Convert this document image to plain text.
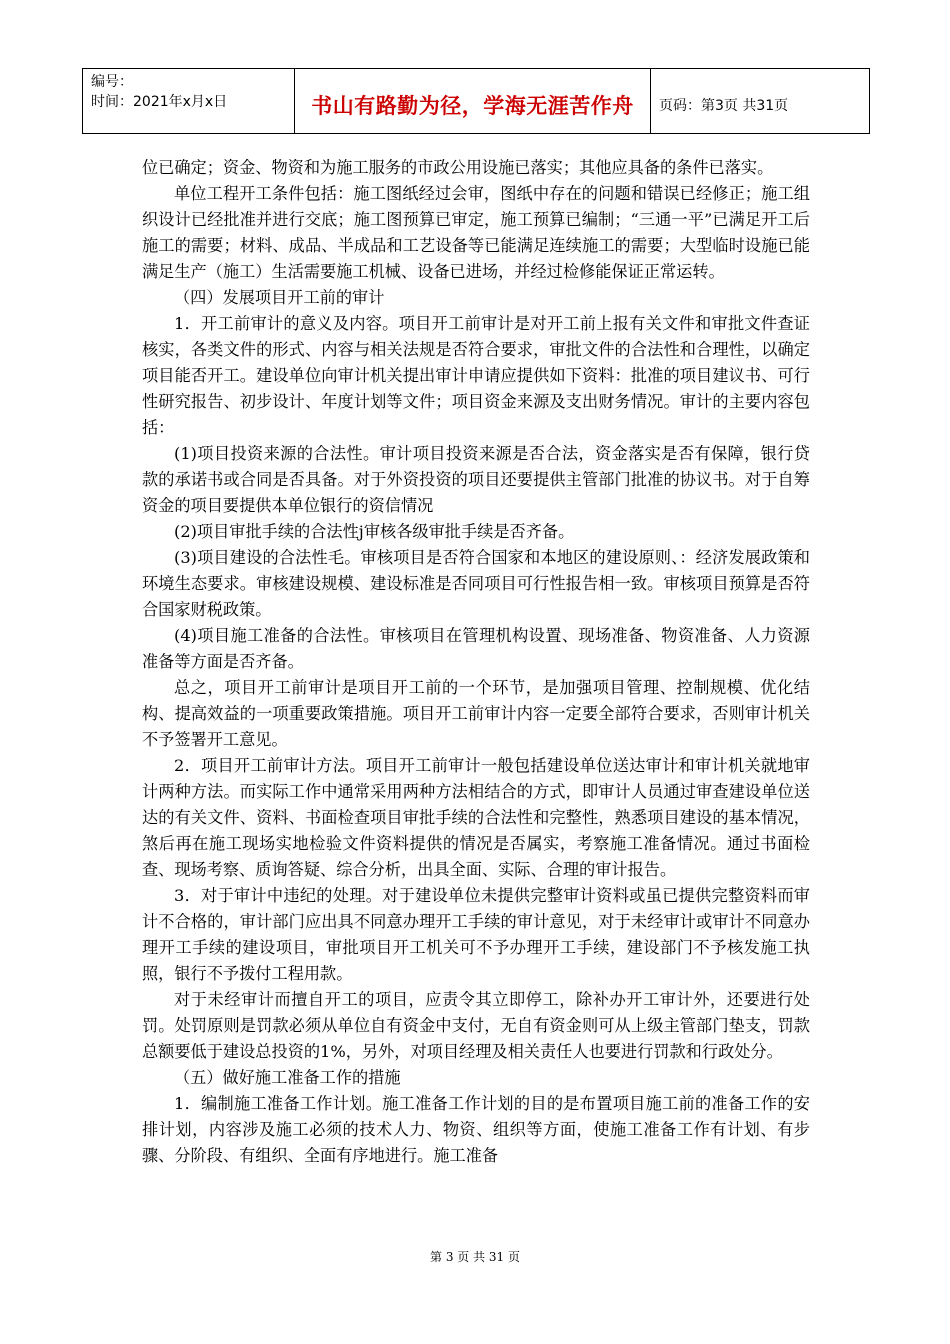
编号：
时间：2021年x月x日	书山有路勤为径，学海无涯苦作舟	页码：第3页 共31页

位已确定；资金、物资和为施工服务的市政公用设施已落实；其他应具备的条件已落实。

单位工程开工条件包括：施工图纸经过会审，图纸中存在的问题和错误已经修正；施工组织设计已经批准并进行交底；施工图预算已审定，施工预算已编制；“三通一平”已满足开工后施工的需要；材料、成品、半成品和工艺设备等已能满足连续施工的需要；大型临时设施已能满足生产（施工）生活需要施工机械、设备已进场，并经过检修能保证正常运转。

（四）发展项目开工前的审计

1．开工前审计的意义及内容。项目开工前审计是对开工前上报有关文件和审批文件查证核实，各类文件的形式、内容与相关法规是否符合要求，审批文件的合法性和合理性，以确定项目能否开工。建设单位向审计机关提出审计申请应提供如下资料：批准的项目建议书、可行性研究报告、初步设计、年度计划等文件；项目资金来源及支出财务情况。审计的主要内容包括：

(1)项目投资来源的合法性。审计项目投资来源是否合法，资金落实是否有保障，银行贷款的承诺书或合同是否具备。对于外资投资的项目还要提供主管部门批准的协议书。对于自筹资金的项目要提供本单位银行的资信情况

(2)项目审批手续的合法性j审核各级审批手续是否齐备。

(3)项目建设的合法性毛。审核项目是否符合国家和本地区的建设原则、：经济发展政策和环境生态要求。审核建设规模、建设标准是否同项目可行性报告相一致。审核项目预算是否符合国家财税政策。

(4)项目施工准备的合法性。审核项目在管理机构设置、现场准备、物资准备、人力资源准备等方面是否齐备。

总之，项目开工前审计是项目开工前的一个环节，是加强项目管理、控制规模、优化结构、提高效益的一项重要政策措施。项目开工前审计内容一定要全部符合要求，否则审计机关不予签署开工意见。

2．项目开工前审计方法。项目开工前审计一般包括建设单位送达审计和审计机关就地审计两种方法。而实际工作中通常采用两种方法相结合的方式，即审计人员通过审查建设单位送达的有关文件、资料、书面检查项目审批手续的合法性和完整性，熟悉项目建设的基本情况，煞后再在施工现场实地检验文件资料提供的情况是否属实，考察施工准备情况。通过书面检查、现场考察、质询答疑、综合分析，出具全面、实际、合理的审计报告。

3．对于审计中违纪的处理。对于建设单位未提供完整审计资料或虽已提供完整资料而审计不合格的，审计部门应出具不同意办理开工手续的审计意见，对于未经审计或审计不同意办理开工手续的建设项目，审批项目开工机关可不予办理开工手续，建设部门不予核发施工执照，银行不予拨付工程用款。

对于未经审计而擅自开工的项目，应责令其立即停工，除补办开工审计外，还要进行处罚。处罚原则是罚款必须从单位自有资金中支付，无自有资金则可从上级主管部门垫支，罚款总额要低于建设总投资的1%，另外，对项目经理及相关责任人也要进行罚款和行政处分。

（五）做好施工准备工作的措施

1．编制施工准备工作计划。施工准备工作计划的目的是布置项目施工前的准备工作的安排计划，内容涉及施工必须的技术人力、物资、组织等方面，使施工准备工作有计划、有步骤、分阶段、有组织、全面有序地进行。施工准备

第 3 页 共 31 页
